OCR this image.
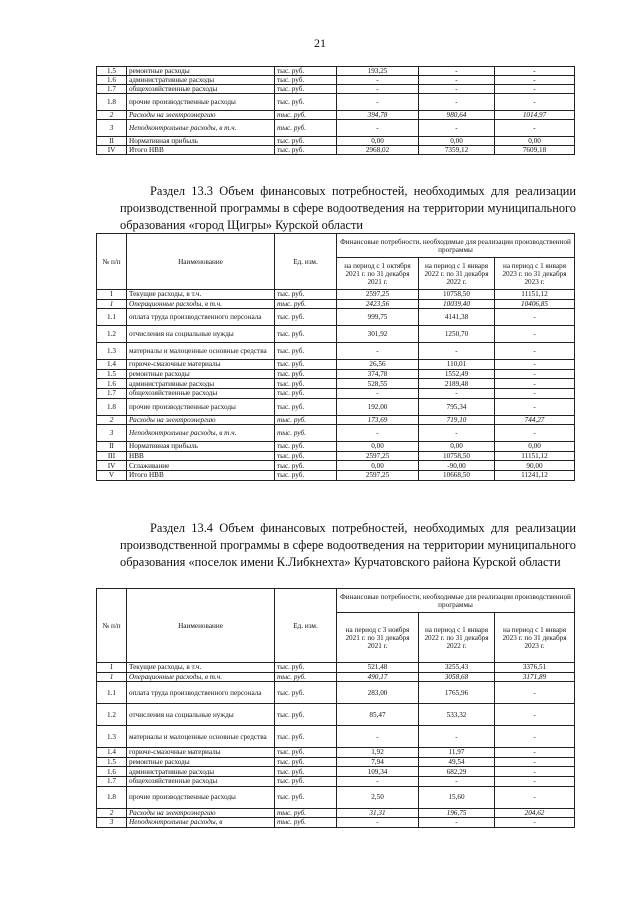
21
1.5	ремонтные расходы	тыс. руб.	193,25	-	-
1.6	административные расходы	тыс. руб.	-	-	-
1.7	общехозяйственные расходы	тыс. руб.	-	-	-
1.8	прочие производственные расходы	тыс. руб.	-	-	-
2	Расходы на электроэнергию	тыс. руб.	394,78	980,64	1014,97
3	Неподконтрольные расходы, в т.ч.	тыс. руб.	-	-	-
II	Нормативная прибыль	тыс. руб.	0,00	0,00	0,00
IV	Итого НВВ	тыс. руб.	2968,02	7359,12	7609,18
Раздел 13.3 Объем финансовых потребностей, необходимых для реализации производственной программы в сфере водоотведения на территории муниципального образования «город Щигры» Курской области
№ п/п	Наименование	Ед. изм.	Финансовые потребности, необходимые для реализации производственной программы		
			на период с 1 октября 2021 г. по 31 декабря 2021 г.	на период с 1 января 2022 г. по 31 декабря 2022 г.	на период с 1 января 2023 г. по 31 декабря 2023 г.
I	Текущие расходы, в т.ч.	тыс. руб.	2597,25	10758,50	11151,12
1	Операционные расходы, в т.ч.	тыс. руб.	2423,56	10039,40	10406,85
1.1	оплата труда производственного персонала	тыс. руб.	999,75	4141,38	-
1.2	отчисления на социальные нужды	тыс. руб.	301,92	1250,70	-
1.3	материалы и малоценные основные средства	тыс. руб.	-	-	-
1.4	горюче-смазочные материалы	тыс. руб.	26,56	110,01	-
1.5	ремонтные расходы	тыс. руб.	374,78	1552,49	-
1.6	административные расходы	тыс. руб.	528,55	2189,48	-
1.7	общехозяйственные расходы	тыс. руб.	-	-	-
1.8	прочие производственные расходы	тыс. руб.	192,00	795,34	-
2	Расходы на электроэнергию	тыс. руб.	173,69	719,10	744,27
3	Неподконтрольные расходы, в т.ч.	тыс. руб.	-	-	-
II	Нормативная прибыль	тыс. руб.	0,00	0,00	0,00
III	НВВ	тыс. руб.	2597,25	10758,50	11151,12
IV	Сглаживание	тыс. руб.	0,00	-90,00	90,00
V	Итого НВВ	тыс. руб.	2597,25	10668,50	11241,12
Раздел 13.4 Объем финансовых потребностей, необходимых для реализации производственной программы в сфере водоотведения на территории муниципального образования «поселок имени К.Либкнехта» Курчатовского района Курской области
№ п/п	Наименование	Ед. изм.	Финансовые потребности, необходимые для реализации производственной программы		
			на период с 3 ноября 2021 г. по 31 декабря 2021 г.	на период с 1 января 2022 г. по 31 декабря 2022 г.	на период с 1 января 2023 г. по 31 декабря 2023 г.
I	Текущие расходы, в т.ч.	тыс. руб.	521,48	3255,43	3376,51
1	Операционные расходы, в т.ч.	тыс. руб.	490,17	3058,68	3171,89
1.1	оплата труда производственного персонала	тыс. руб.	283,00	1765,96	-
1.2	отчисления на социальные нужды	тыс. руб.	85,47	533,32	-
1.3	материалы и малоценные основные средства	тыс. руб.	-	-	-
1.4	горюче-смазочные материалы	тыс. руб.	1,92	11,97	-
1.5	ремонтные расходы	тыс. руб.	7,94	49,54	-
1.6	административные расходы	тыс. руб.	109,34	682,29	-
1.7	общехозяйственные расходы	тыс. руб.	-	-	-
1.8	прочие производственные расходы	тыс. руб.	2,50	15,60	-
2	Расходы на электроэнергию	тыс. руб.	31,31	196,75	204,62
3	Неподконтрольные расходы, в	тыс. руб.	-	-	-
